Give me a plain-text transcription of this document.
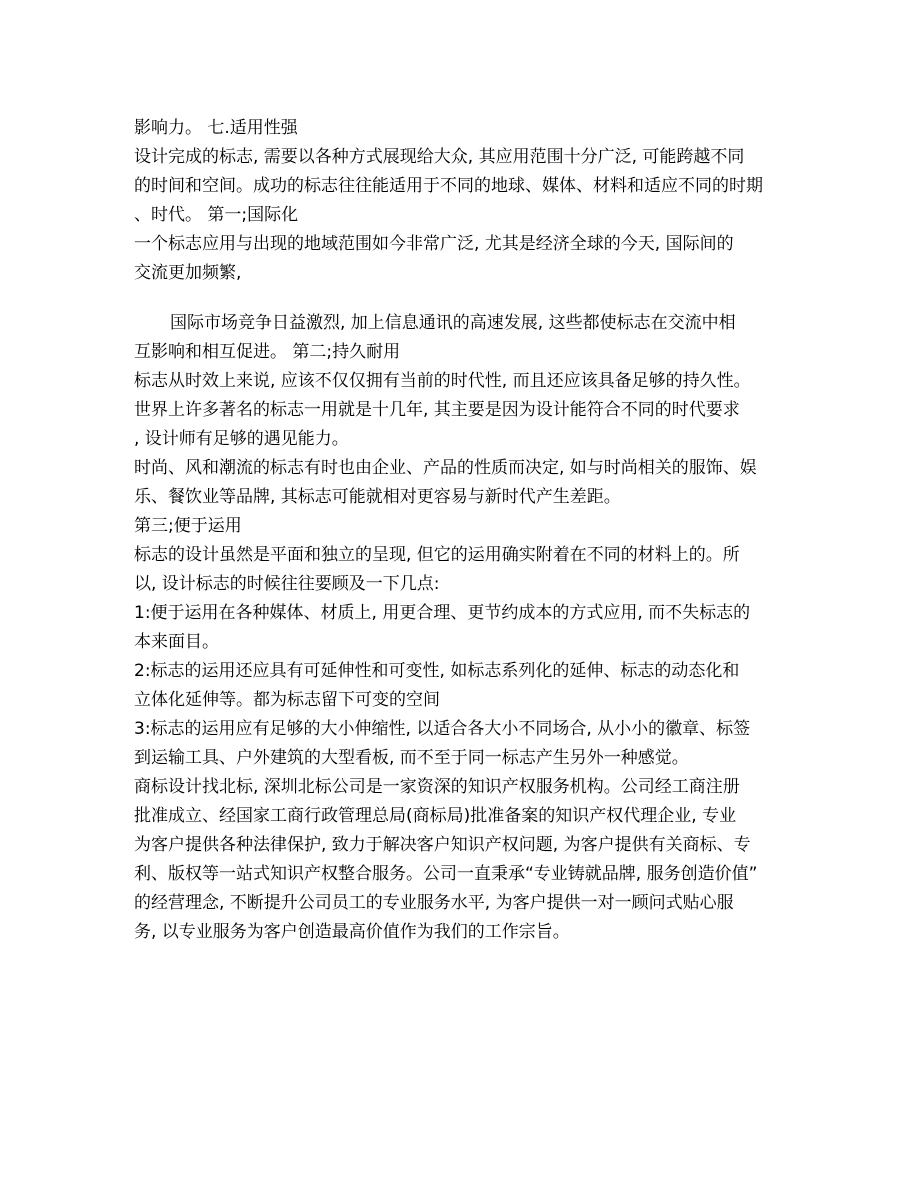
影响力。 七.适用性强
设计完成的标志, 需要以各种方式展现给大众, 其应用范围十分广泛, 可能跨越不同
的时间和空间。成功的标志往往能适用于不同的地球、媒体、材料和适应不同的时期
、时代。 第一;国际化
一个标志应用与出现的地域范围如今非常广泛, 尤其是经济全球的今天, 国际间的
交流更加频繁,
国际市场竞争日益激烈, 加上信息通讯的高速发展, 这些都使标志在交流中相
互影响和相互促进。 第二;持久耐用
标志从时效上来说, 应该不仅仅拥有当前的时代性, 而且还应该具备足够的持久性。
世界上许多著名的标志一用就是十几年, 其主要是因为设计能符合不同的时代要求
, 设计师有足够的遇见能力。
时尚、风和潮流的标志有时也由企业、产品的性质而决定, 如与时尚相关的服饰、娱
乐、餐饮业等品牌, 其标志可能就相对更容易与新时代产生差距。
第三;便于运用
标志的设计虽然是平面和独立的呈现, 但它的运用确实附着在不同的材料上的。所
以, 设计标志的时候往往要顾及一下几点:
1:便于运用在各种媒体、材质上, 用更合理、更节约成本的方式应用, 而不失标志的
本来面目。
2:标志的运用还应具有可延伸性和可变性, 如标志系列化的延伸、标志的动态化和
立体化延伸等。都为标志留下可变的空间
3:标志的运用应有足够的大小伸缩性, 以适合各大小不同场合, 从小小的徽章、标签
到运输工具、户外建筑的大型看板, 而不至于同一标志产生另外一种感觉。
商标设计找北标, 深圳北标公司是一家资深的知识产权服务机构。公司经工商注册
批准成立、经国家工商行政管理总局(商标局)批准备案的知识产权代理企业, 专业
为客户提供各种法律保护, 致力于解决客户知识产权问题, 为客户提供有关商标、专
利、版权等一站式知识产权整合服务。公司一直秉承“专业铸就品牌, 服务创造价值”
的经营理念, 不断提升公司员工的专业服务水平, 为客户提供一对一顾问式贴心服
务, 以专业服务为客户创造最高价值作为我们的工作宗旨。
